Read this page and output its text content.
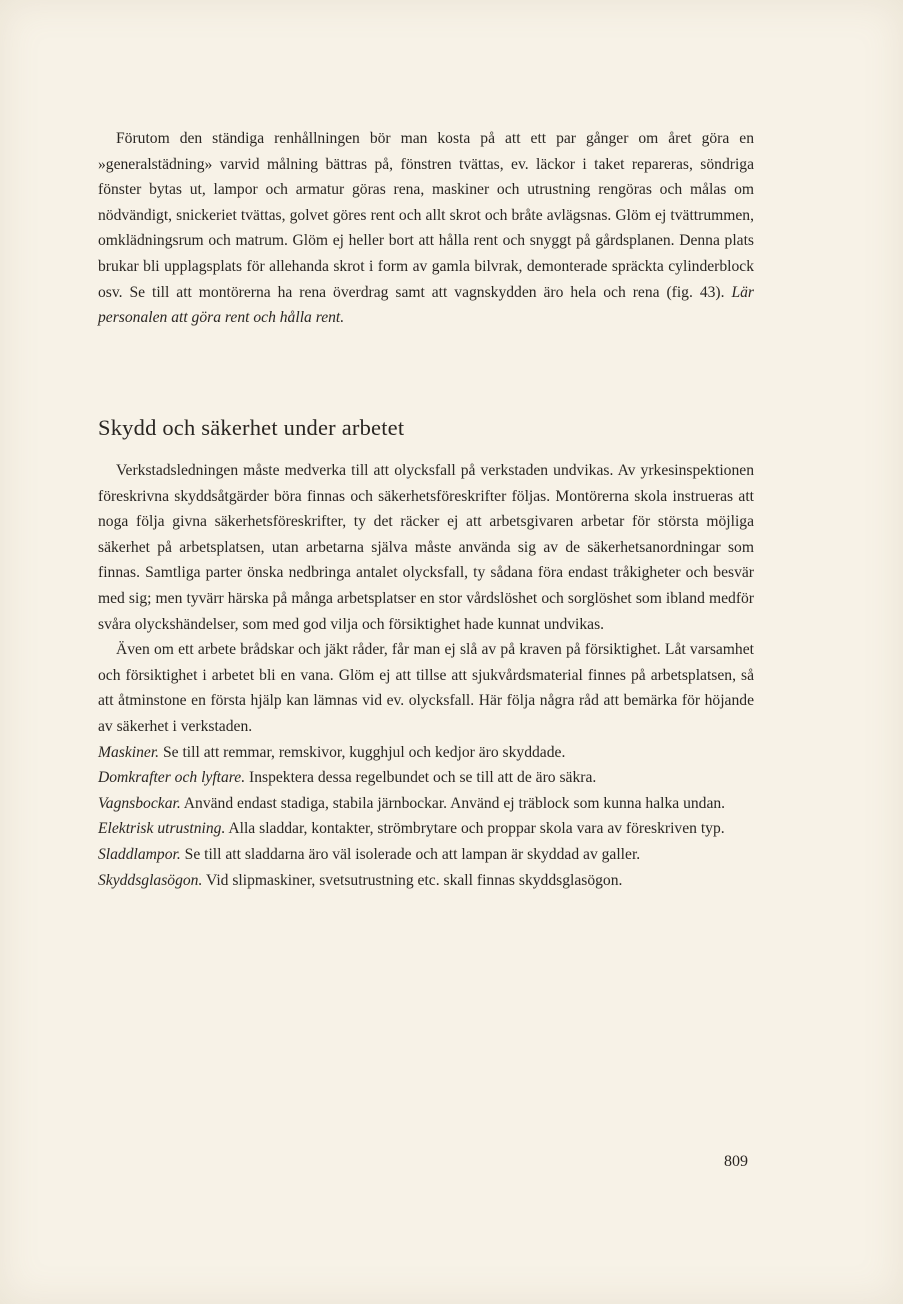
Förutom den ständiga renhållningen bör man kosta på att ett par gånger om året göra en »generalstädning» varvid målning bättras på, fönstren tvättas, ev. läckor i taket repareras, söndriga fönster bytas ut, lampor och armatur göras rena, maskiner och utrustning rengöras och målas om nödvändigt, snickeriet tvättas, golvet göres rent och allt skrot och bråte avlägsnas. Glöm ej tvättrummen, omklädningsrum och matrum. Glöm ej heller bort att hålla rent och snyggt på gårdsplanen. Denna plats brukar bli upplagsplats för allehanda skrot i form av gamla bilvrak, demonterade spräckta cylinderblock osv. Se till att montörerna ha rena överdrag samt att vagnskydden äro hela och rena (fig. 43). Lär personalen att göra rent och hålla rent.

Skydd och säkerhet under arbetet

Verkstadsledningen måste medverka till att olycksfall på verkstaden undvikas. Av yrkesinspektionen föreskrivna skyddsåtgärder böra finnas och säkerhetsföreskrifter följas. Montörerna skola instrueras att noga följa givna säkerhetsföreskrifter, ty det räcker ej att arbetsgivaren arbetar för största möjliga säkerhet på arbetsplatsen, utan arbetarna själva måste använda sig av de säkerhetsanordningar som finnas. Samtliga parter önska nedbringa antalet olycksfall, ty sådana föra endast tråkigheter och besvär med sig; men tyvärr härska på många arbetsplatser en stor vårdslöshet och sorglöshet som ibland medför svåra olyckshändelser, som med god vilja och försiktighet hade kunnat undvikas.

Även om ett arbete brådskar och jäkt råder, får man ej slå av på kraven på försiktighet. Låt varsamhet och försiktighet i arbetet bli en vana. Glöm ej att tillse att sjukvårdsmaterial finnes på arbetsplatsen, så att åtminstone en första hjälp kan lämnas vid ev. olycksfall. Här följa några råd att bemärka för höjande av säkerhet i verkstaden.

Maskiner. Se till att remmar, remskivor, kugghjul och kedjor äro skyddade.

Domkrafter och lyftare. Inspektera dessa regelbundet och se till att de äro säkra.

Vagnsbockar. Använd endast stadiga, stabila järnbockar. Använd ej träblock som kunna halka undan.

Elektrisk utrustning. Alla sladdar, kontakter, strömbrytare och proppar skola vara av föreskriven typ.

Sladdlampor. Se till att sladdarna äro väl isolerade och att lampan är skyddad av galler.

Skyddsglasögon. Vid slipmaskiner, svetsutrustning etc. skall finnas skyddsglasögon.

809
